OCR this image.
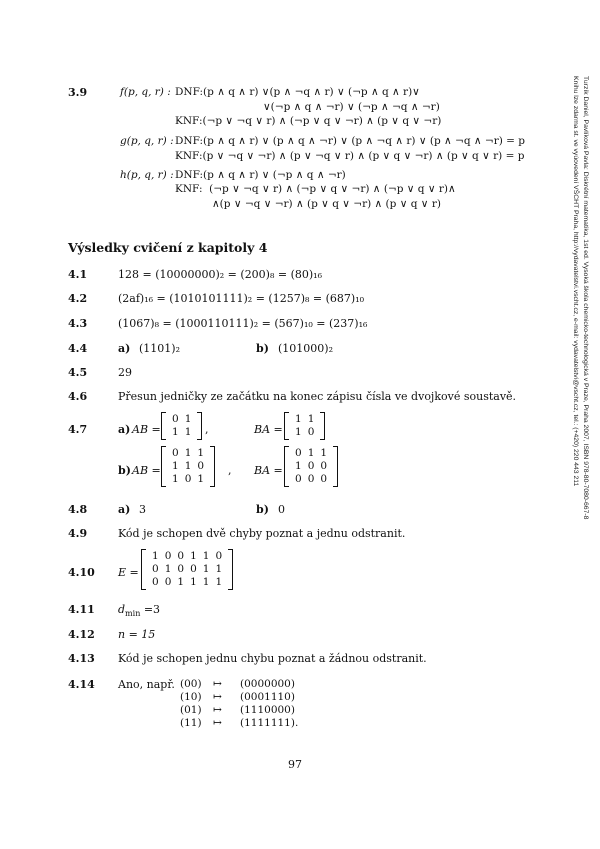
Turzík Daniel, Pavlíková Pavla: Diskrétní matematika, 1st ed. Vysoká škola chemicko-technologická v Praze, Praha 2007, ISBN 978-80-7080-667-8
Knihu lze zdarma st. ve vyúovedení VŠCHT Praha, http://vydavatelstvi.vscht.cz, e-mail: vydavatelstvi@vscht.cz, tel.: (+420) 220 443 211
3.9	f(p, q, r) : DNF:(p ∧ q ∧ r) ∨(p ∧ ¬q ∧ r) ∨ (¬p ∧ q ∧ r)∨
∨(¬p ∧ q ∧ ¬r) ∨ (¬p ∧ ¬q ∧ ¬r)
KNF:(¬p ∨ ¬q ∨ r) ∧ (¬p ∨ q ∨ ¬r) ∧ (p ∨ q ∨ ¬r)
g(p, q, r) : DNF:(p ∧ q ∧ r) ∨ (p ∧ q ∧ ¬r) ∨ (p ∧ ¬q ∧ r) ∨ (p ∧ ¬q ∧ ¬r) = p
KNF:(p ∨ ¬q ∨ ¬r) ∧ (p ∨ ¬q ∨ r) ∧ (p ∨ q ∨ ¬r) ∧ (p ∨ q ∨ r) = p
h(p, q, r) : DNF:(p ∧ q ∧ r) ∨ (¬p ∧ q ∧ ¬r)
KNF:  (¬p ∨ ¬q ∨ r) ∧ (¬p ∨ q ∨ ¬r) ∧ (¬p ∨ q ∨ r)∧
∧(p ∨ ¬q ∨ ¬r) ∧ (p ∨ q ∨ ¬r) ∧ (p ∨ q ∨ r)
Výsledky cvičení z kapitoly 4
4.1	128 = (10000000)₂ = (200)₈ = (80)₁₆
4.2	(2af)₁₆ = (1010101111)₂ = (1257)₈ = (687)₁₀
4.3	(1067)₈ = (1000110111)₂ = (567)₁₀ = (237)₁₆
4.4	a) (1101)₂	b) (101000)₂
4.5	29
4.6	Přesun jedničky ze začátku na konec zápisu čísla ve dvojkové soustavě.
4.7	a) AB =
0 1
1 1 ,	BA =
1 1
1 0
b) AB =
0 1 1
1 1 0
1 0 1
, BA =
0 1 1
1 0 0
0 0 0
4.8	a) 3	b) 0
4.9	Kód je schopen dvě chyby poznat a jednu odstranit.
4.10 E =
1 0 0 1 1 0
0 1 0 0 1 1
0 0 1 1 1 1
4.11 $d_{min} =3$
4.12 n = 15
4.13 Kód je schopen jednu chybu poznat a žádnou odstranit.
4.14 Ano, např. (00) ↦ (0000000)
(10) ↦ (0001110)
(01) ↦ (1110000)
(11) ↦ (1111111).
97
